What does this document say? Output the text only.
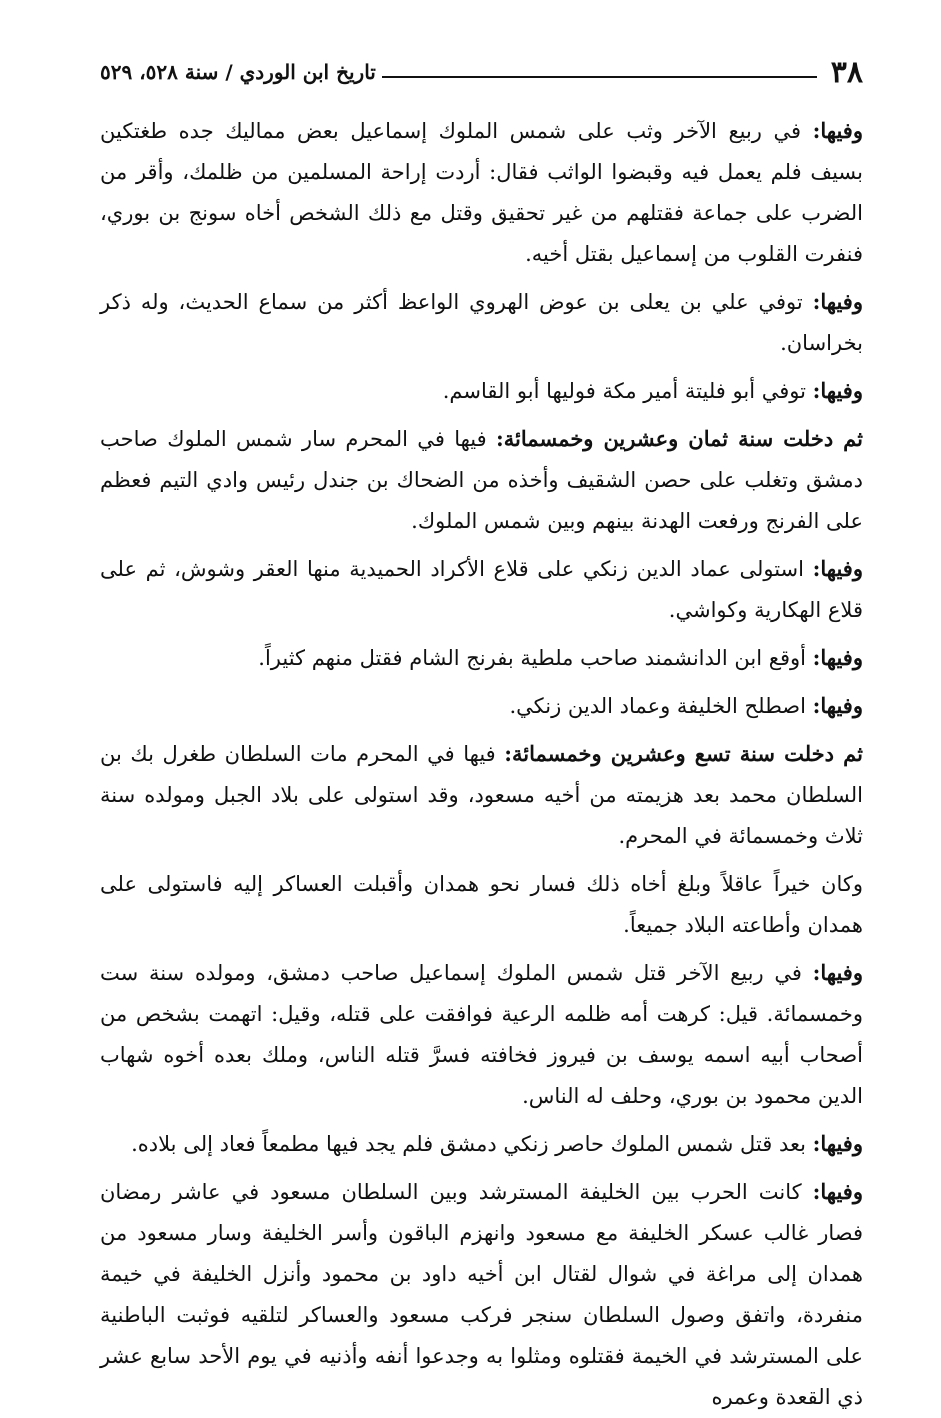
٣٨
تاريخ ابن الوردي / سنة ٥٢٨، ٥٢٩

وفيها: في ربيع الآخر وثب على شمس الملوك إسماعيل بعض مماليك جده طغتكين بسيف فلم يعمل فيه وقبضوا الواثب فقال: أردت إراحة المسلمين من ظلمك، وأقر من الضرب على جماعة فقتلهم من غير تحقيق وقتل مع ذلك الشخص أخاه سونج بن بوري، فنفرت القلوب من إسماعيل بقتل أخيه.

وفيها: توفي علي بن يعلى بن عوض الهروي الواعظ أكثر من سماع الحديث، وله ذكر بخراسان.

وفيها: توفي أبو فليتة أمير مكة فوليها أبو القاسم.

ثم دخلت سنة ثمان وعشرين وخمسمائة: فيها في المحرم سار شمس الملوك صاحب دمشق وتغلب على حصن الشقيف وأخذه من الضحاك بن جندل رئيس وادي التيم فعظم على الفرنج ورفعت الهدنة بينهم وبين شمس الملوك.

وفيها: استولى عماد الدين زنكي على قلاع الأكراد الحميدية منها العقر وشوش، ثم على قلاع الهكارية وكواشي.

وفيها: أوقع ابن الدانشمند صاحب ملطية بفرنج الشام فقتل منهم كثيراً.

وفيها: اصطلح الخليفة وعماد الدين زنكي.

ثم دخلت سنة تسع وعشرين وخمسمائة: فيها في المحرم مات السلطان طغرل بك بن السلطان محمد بعد هزيمته من أخيه مسعود، وقد استولى على بلاد الجبل ومولده سنة ثلاث وخمسمائة في المحرم.

وكان خيراً عاقلاً وبلغ أخاه ذلك فسار نحو همدان وأقبلت العساكر إليه فاستولى على همدان وأطاعته البلاد جميعاً.

وفيها: في ربيع الآخر قتل شمس الملوك إسماعيل صاحب دمشق، ومولده سنة ست وخمسمائة. قيل: كرهت أمه ظلمه الرعية فوافقت على قتله، وقيل: اتهمت بشخص من أصحاب أبيه اسمه يوسف بن فيروز فخافته فسرَّ قتله الناس، وملك بعده أخوه شهاب الدين محمود بن بوري، وحلف له الناس.

وفيها: بعد قتل شمس الملوك حاصر زنكي دمشق فلم يجد فيها مطمعاً فعاد إلى بلاده.

وفيها: كانت الحرب بين الخليفة المسترشد وبين السلطان مسعود في عاشر رمضان فصار غالب عسكر الخليفة مع مسعود وانهزم الباقون وأسر الخليفة وسار مسعود من همدان إلى مراغة في شوال لقتال ابن أخيه داود بن محمود وأنزل الخليفة في خيمة منفردة، واتفق وصول السلطان سنجر فركب مسعود والعساكر لتلقيه فوثبت الباطنية على المسترشد في الخيمة فقتلوه ومثلوا به وجدعوا أنفه وأذنيه في يوم الأحد سابع عشر ذي القعدة وعمره
